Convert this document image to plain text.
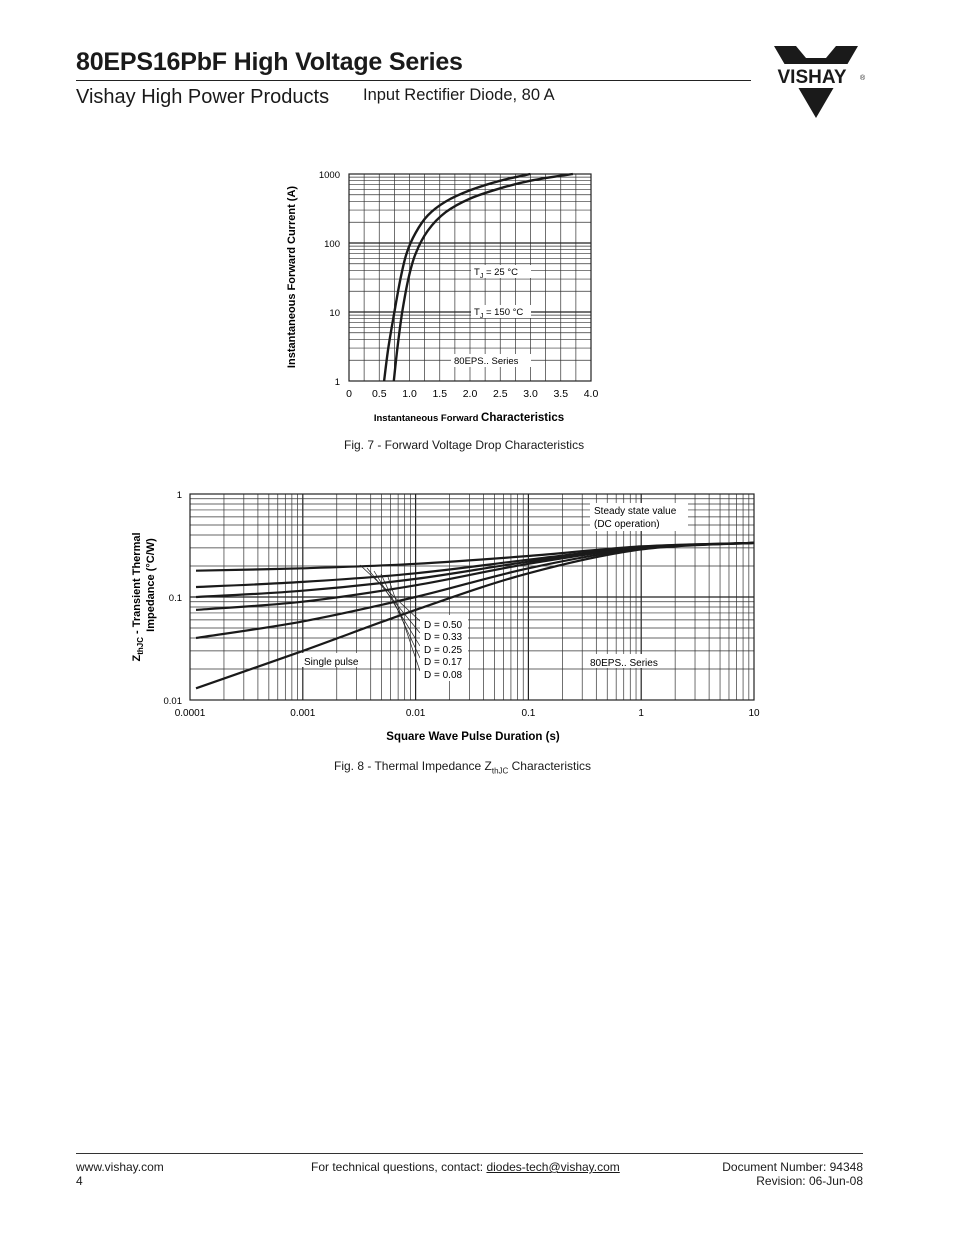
80EPS16PbF High Voltage Series
Vishay High Power Products Input Rectifier Diode, 80 A
VISHAY ®
0 0.5 1.0 1.5 2.0 2.5 3.0 3.5 4.0
1
10
100
1000
$T_J = 25$ °C
$T_J = 150$ °C
80EPS.. Series
Instantaneous Forward Current (A)
Instantaneous Forward Characteristics
Fig. 7 - Forward Voltage Drop Characteristics
0.0001	0.001	0.01	0.1	1	10
0.01
0.1
1
Steady state value
(DC operation)
D = 0.50
D = 0.33
D = 0.25
D = 0.17
D = 0.08
Single pulse	80EPS.. Series
$Z_{thJC}$ - Transient Thermal Impedance (°C/W)
Square Wave Pulse Duration (s)
Fig. 8 - Thermal Impedance $Z_{thJC}$ Characteristics
www.vishay.com
4
For technical questions, contact: diodes-tech@vishay.com	Document Number: 94348
Revision: 06-Jun-08
